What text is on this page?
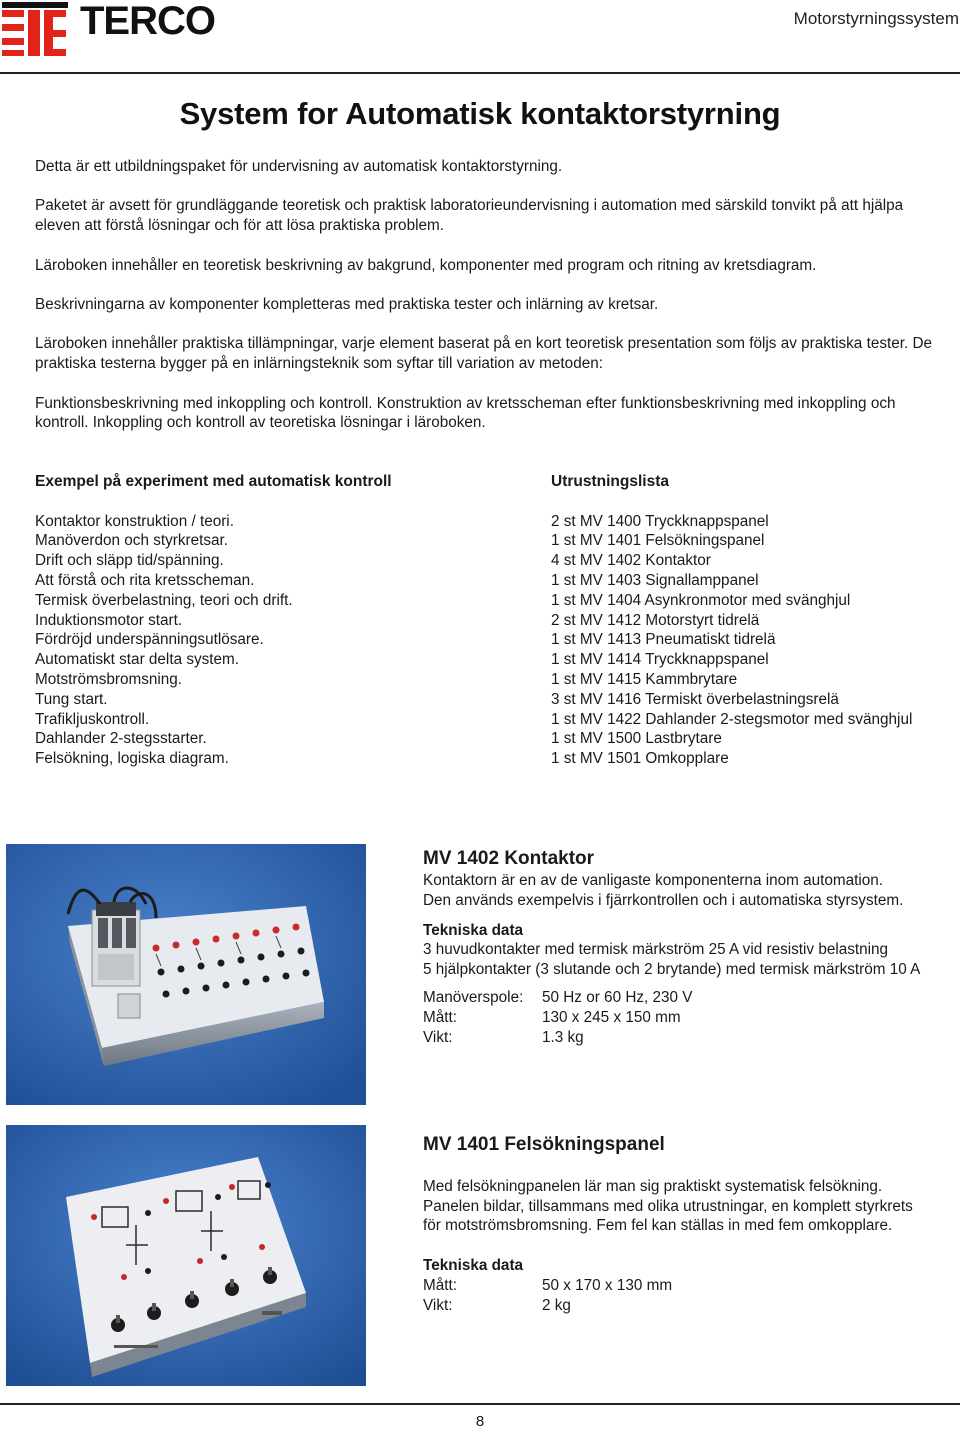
TERCO	Motorstyrningssystem
System for Automatisk kontaktorstyrning

Detta är ett utbildningspaket för undervisning av automatisk kontaktorstyrning.

Paketet är avsett för grundläggande teoretisk och praktisk laboratorieundervisning i automation med särskild tonvikt på att hjälpa eleven att förstå lösningar och för att lösa praktiska problem.

Läroboken innehåller en teoretisk beskrivning av bakgrund, komponenter med program och ritning av kretsdiagram.

Beskrivningarna av komponenter kompletteras med praktiska tester och inlärning av kretsar.

Läroboken innehåller praktiska tillämpningar, varje element baserat på en kort teoretisk presentation som följs av praktiska tester. De praktiska testerna bygger på en inlärningsteknik som syftar till variation av metoden:

Funktionsbeskrivning med inkoppling och kontroll. Konstruktion av kretsscheman efter funktionsbeskrivning med inkoppling och kontroll. Inkoppling och kontroll av teoretiska lösningar i läroboken.

Exempel på experiment med automatisk kontroll
Kontaktor konstruktion / teori.
Manöverdon och styrkretsar.
Drift och släpp tid/spänning.
Att förstå och rita kretsscheman.
Termisk överbelastning, teori och drift.
Induktionsmotor start.
Fördröjd underspänningsutlösare.
Automatiskt star delta system.
Motströmsbromsning.
Tung start.
Trafikljuskontroll.
Dahlander 2-stegsstarter.
Felsökning, logiska diagram.
Utrustningslista
2 st MV 1400 Tryckknappspanel
1 st MV 1401 Felsökningspanel
4 st MV 1402 Kontaktor
1 st MV 1403 Signallamppanel
1 st MV 1404 Asynkronmotor med svänghjul
2 st MV 1412 Motorstyrt tidrelä
1 st MV 1413 Pneumatiskt tidrelä
1 st MV 1414 Tryckknappspanel
1 st MV 1415 Kammbrytare
3 st MV 1416 Termiskt överbelastningsrelä
1 st MV 1422 Dahlander 2-stegsmotor med svänghjul
1 st MV 1500 Lastbrytare
1 st MV 1501 Omkopplare
MV 1402 Kontaktor
Kontaktorn är en av de vanligaste komponenterna inom automation.
Den används exempelvis i fjärrkontrollen och i automatiska styrsystem.
Tekniska data
3 huvudkontakter med termisk märkström 25 A vid resistiv belastning
5 hjälpkontakter (3 slutande och 2 brytande) med termisk märkström 10 A
Manöverspole:	50 Hz or 60 Hz, 230 V
Mått:	130 x 245 x 150 mm
Vikt:	1.3 kg
MV 1401 Felsökningspanel
Med felsökningpanelen lär man sig praktiskt systematisk felsökning.
Panelen bildar, tillsammans med olika utrustningar, en komplett styrkrets
för motströmsbromsning. Fem fel kan ställas in med fem omkopplare.
Tekniska data
Mått:	50 x 170 x 130 mm
Vikt:	2 kg
8
